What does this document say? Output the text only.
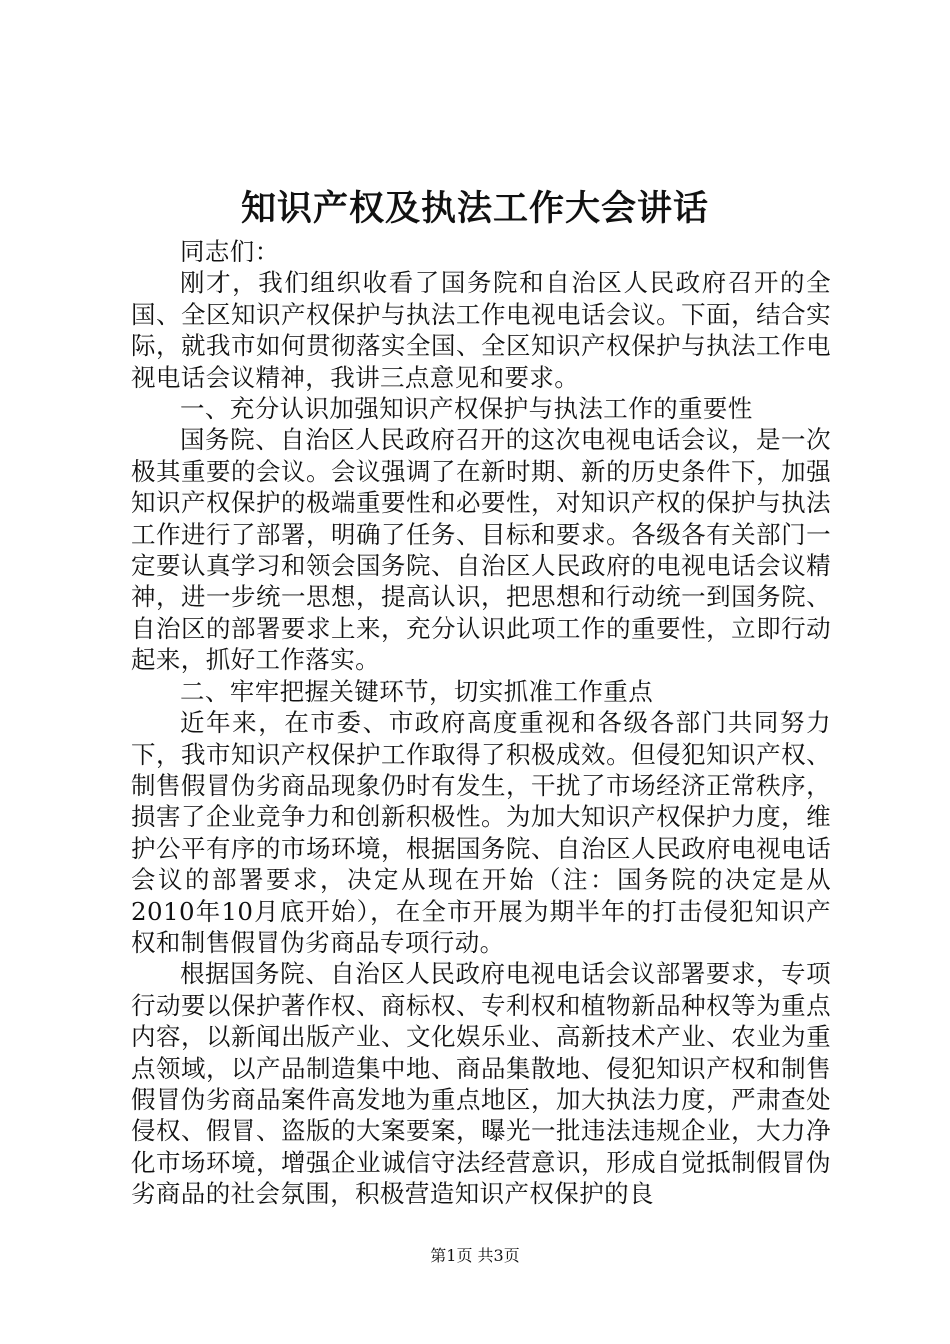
知识产权及执法工作大会讲话

同志们：

刚才，我们组织收看了国务院和自治区人民政府召开的全国、全区知识产权保护与执法工作电视电话会议。下面，结合实际，就我市如何贯彻落实全国、全区知识产权保护与执法工作电视电话会议精神，我讲三点意见和要求。

一、充分认识加强知识产权保护与执法工作的重要性

国务院、自治区人民政府召开的这次电视电话会议，是一次极其重要的会议。会议强调了在新时期、新的历史条件下，加强知识产权保护的极端重要性和必要性，对知识产权的保护与执法工作进行了部署，明确了任务、目标和要求。各级各有关部门一定要认真学习和领会国务院、自治区人民政府的电视电话会议精神，进一步统一思想，提高认识，把思想和行动统一到国务院、自治区的部署要求上来，充分认识此项工作的重要性，立即行动起来，抓好工作落实。

二、牢牢把握关键环节，切实抓准工作重点

近年来，在市委、市政府高度重视和各级各部门共同努力下，我市知识产权保护工作取得了积极成效。但侵犯知识产权、制售假冒伪劣商品现象仍时有发生，干扰了市场经济正常秩序，损害了企业竞争力和创新积极性。为加大知识产权保护力度，维护公平有序的市场环境，根据国务院、自治区人民政府电视电话会议的部署要求，决定从现在开始（注：国务院的决定是从2010年10月底开始），在全市开展为期半年的打击侵犯知识产权和制售假冒伪劣商品专项行动。

根据国务院、自治区人民政府电视电话会议部署要求，专项行动要以保护著作权、商标权、专利权和植物新品种权等为重点内容，以新闻出版产业、文化娱乐业、高新技术产业、农业为重点领域，以产品制造集中地、商品集散地、侵犯知识产权和制售假冒伪劣商品案件高发地为重点地区，加大执法力度，严肃查处侵权、假冒、盗版的大案要案，曝光一批违法违规企业，大力净化市场环境，增强企业诚信守法经营意识，形成自觉抵制假冒伪劣商品的社会氛围，积极营造知识产权保护的良

第1页 共3页
